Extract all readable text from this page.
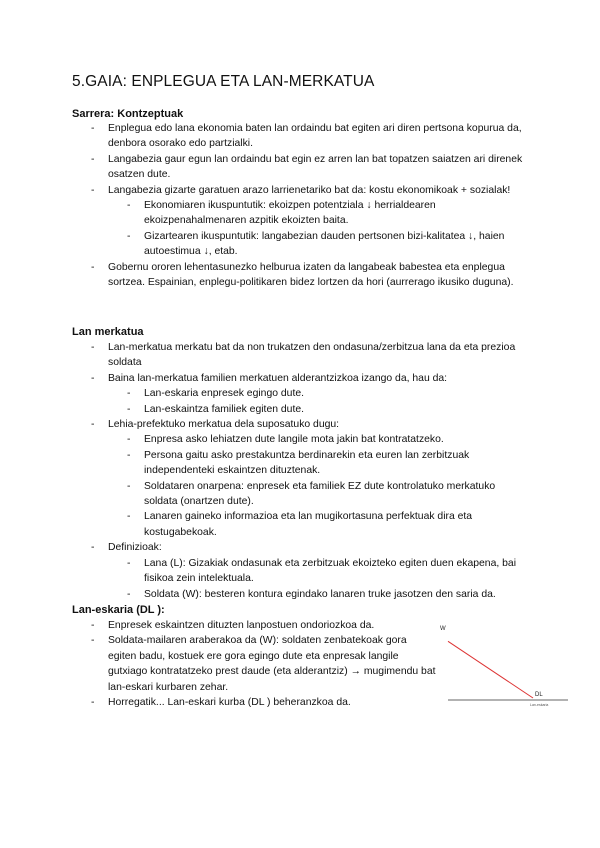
5.GAIA: ENPLEGUA ETA LAN-MERKATUA
Sarrera: Kontzeptuak
- Enplegua edo lana ekonomia baten lan ordaindu bat egiten ari diren pertsona kopurua da, denbora osorako edo partzialki.
- Langabezia gaur egun lan ordaindu bat egin ez arren lan bat topatzen saiatzen ari direnek osatzen dute.
- Langabezia gizarte garatuen arazo larrienetariko bat da: kostu ekonomikoak + sozialak!
- Ekonomiaren ikuspuntutik: ekoizpen potentziala ↓ herrialdearen ekoizpenahalmenaren azpitik ekoizten baita.
- Gizartearen ikuspuntutik: langabezian dauden pertsonen bizi-kalitatea ↓, haien autoestimua ↓, etab.
- Gobernu ororen lehentasunezko helburua izaten da langabeak babestea eta enplegua sortzea. Espainian, enplegu-politikaren bidez lortzen da hori (aurrerago ikusiko duguna).
Lan merkatua
- Lan-merkatua merkatu bat da non trukatzen den ondasuna/zerbitzua lana da eta prezioa soldata
- Baina lan-merkatua familien merkatuen alderantzizkoa izango da, hau da:
- Lan-eskaria enpresek egingo dute.
- Lan-eskaintza familiek egiten dute.
- Lehia-prefektuko merkatua dela suposatuko dugu:
- Enpresa asko lehiatzen dute langile mota jakin bat kontratatzeko.
- Persona gaitu asko prestakuntza berdinarekin eta euren lan zerbitzuak independenteki eskaintzen dituztenak.
- Soldataren onarpena: enpresek eta familiek EZ dute kontrolatuko merkatuko soldata (onartzen dute).
- Lanaren gaineko informazioa eta lan mugikortasuna perfektuak dira eta kostugabekoak.
- Definizioak:
- Lana (L): Gizakiak ondasunak eta zerbitzuak ekoizteko egiten duen ekapena, bai fisikoa zein intelektuala.
- Soldata (W): besteren kontura egindako lanaren truke jasotzen den saria da.
Lan-eskaria (DL ):
- Enpresek eskaintzen dituzten lanpostuen ondoriozkoa da.
- Soldata-mailaren araberakoa da (W): soldaten zenbatekoak gora egiten badu, kostuek ere gora egingo dute eta enpresak langile gutxiago kontratatzeko prest daude (eta alderantziz) → mugimendu bat lan-eskari kurbaren zehar.
- Horregatik... Lan-eskari kurba (DL ) beheranzkoa da.
W
DL
Lan-eskaria
